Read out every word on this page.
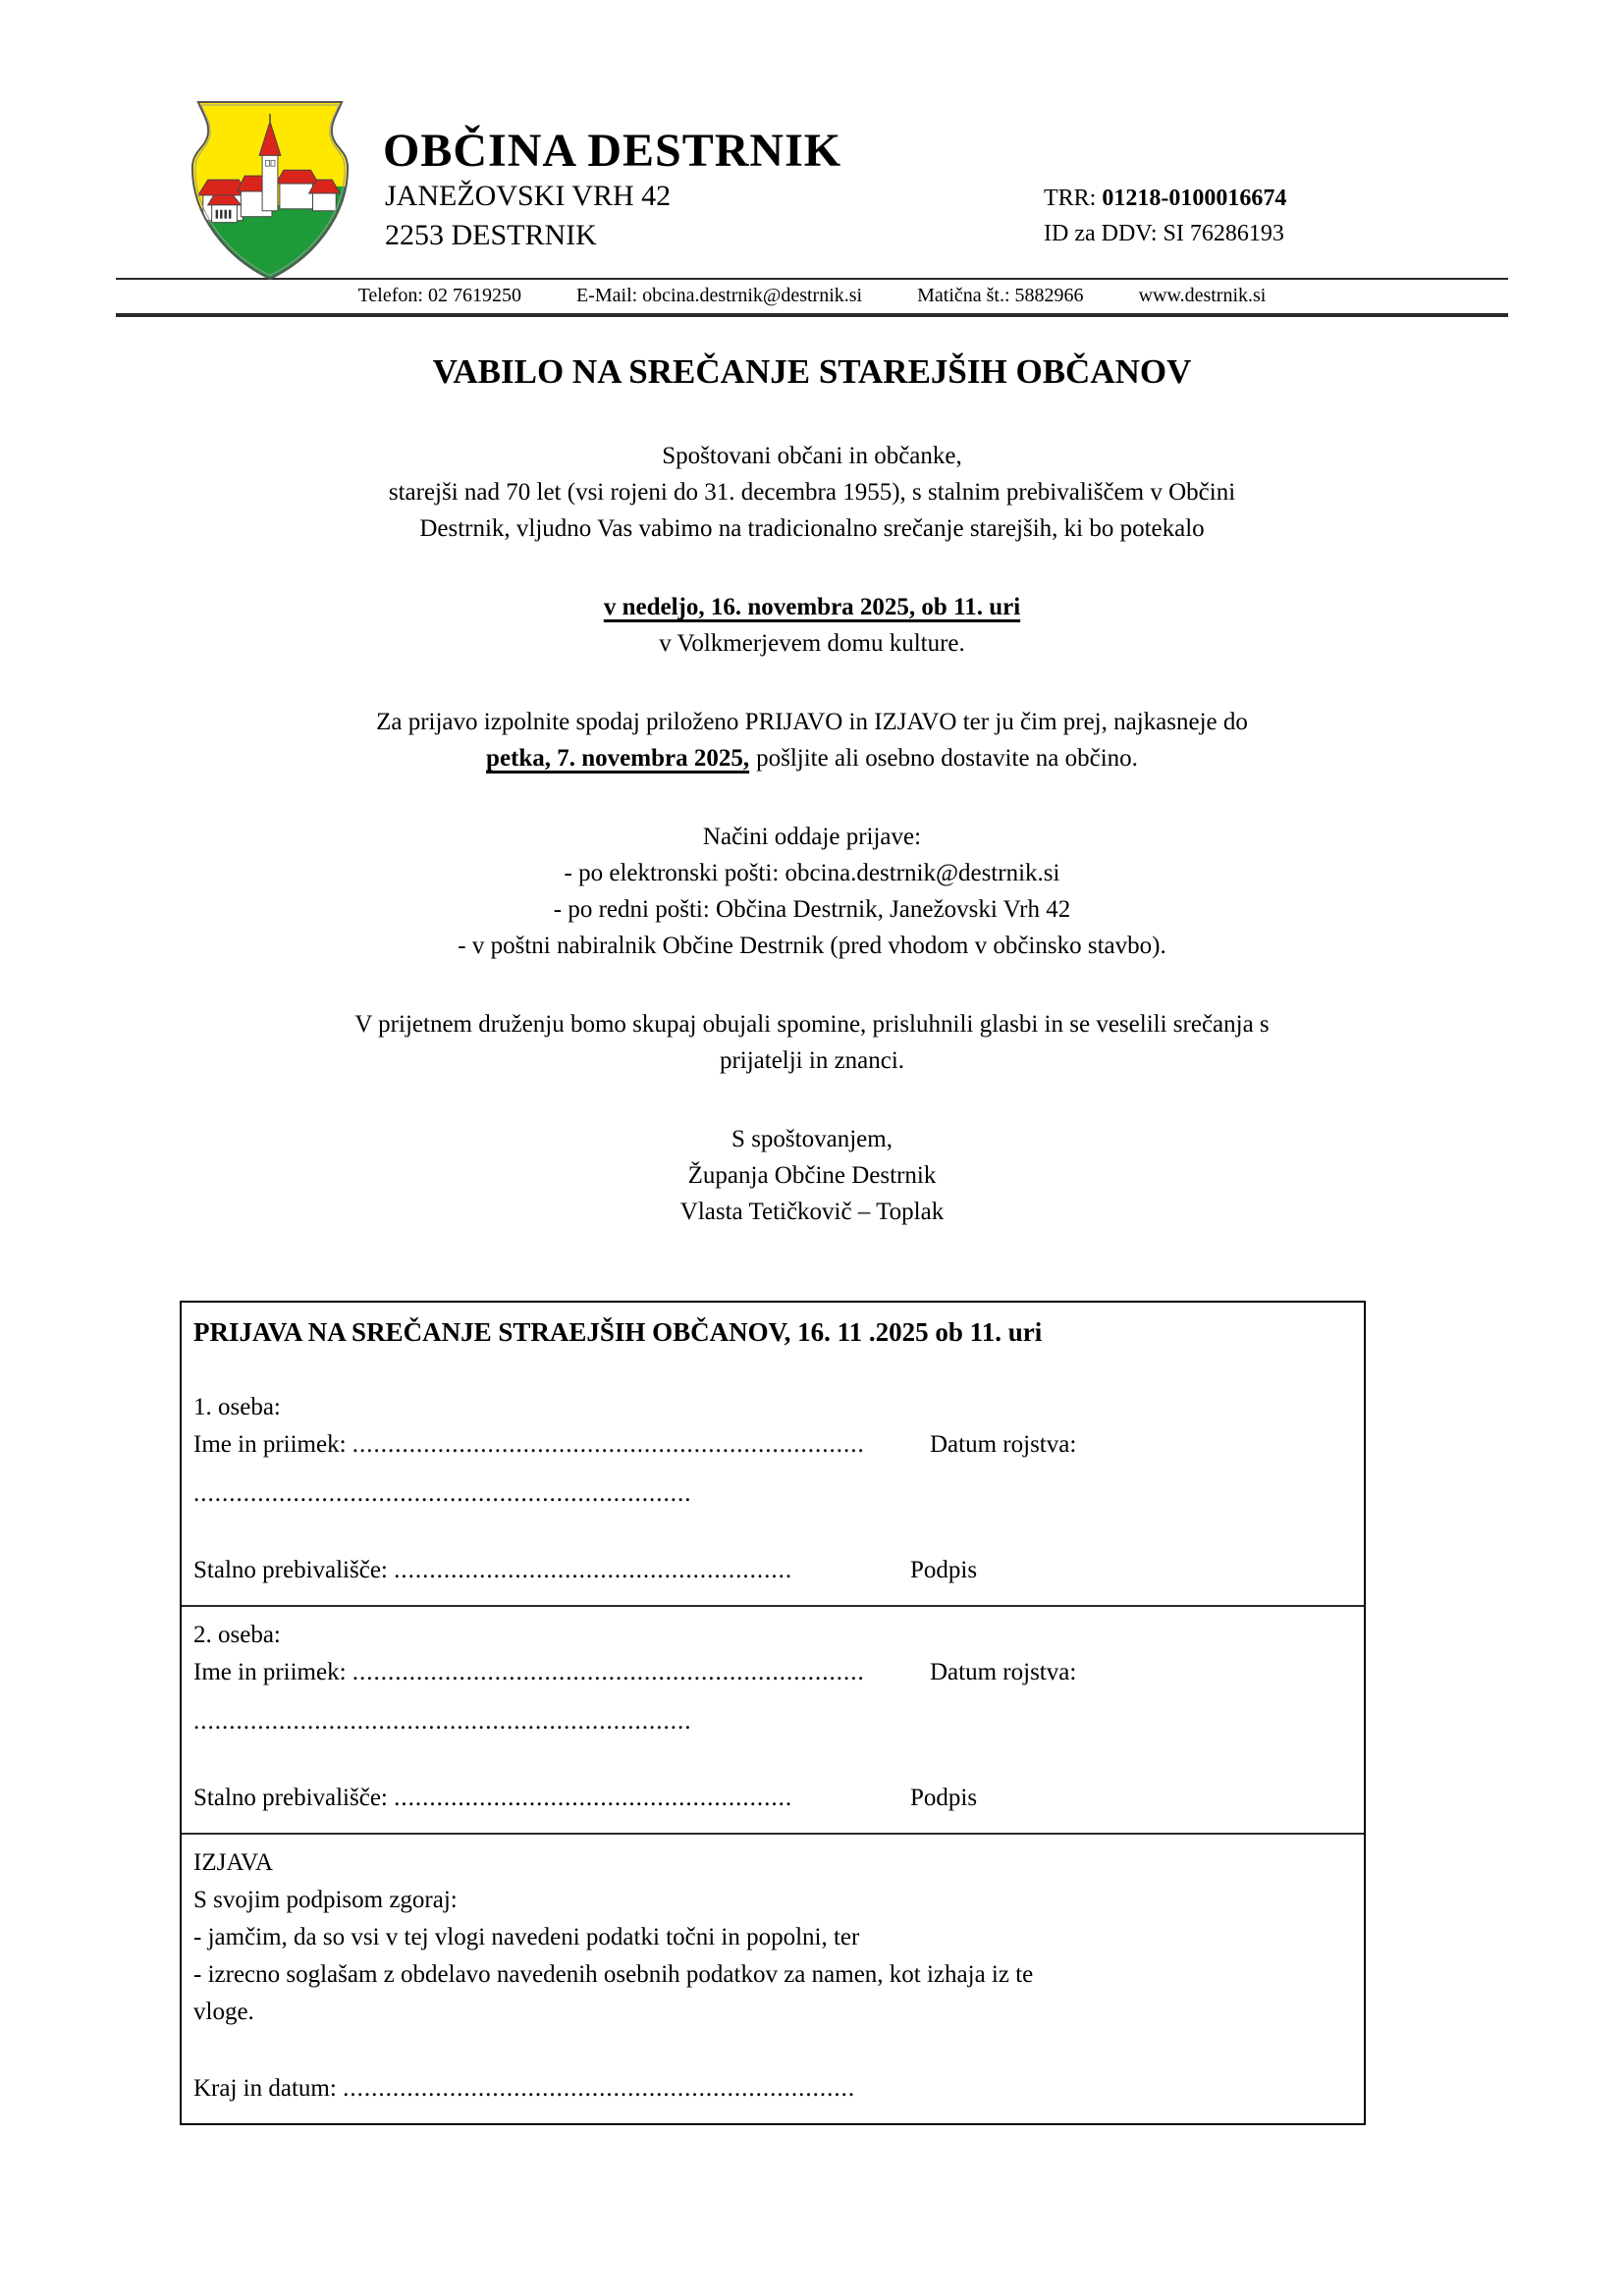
OBČINA DESTRNIK
JANEŽOVSKI VRH 42
2253 DESTRNIK
TRR: 01218-0100016674
ID za DDV: SI 76286193
Telefon: 02 7619250	E-Mail: obcina.destrnik@destrnik.si	Matična št.: 5882966	www.destrnik.si
VABILO NA SREČANJE STAREJŠIH OBČANOV
Spoštovani občani in občanke,
starejši nad 70 let (vsi rojeni do 31. decembra 1955), s stalnim prebivališčem v Občini
Destrnik, vljudno Vas vabimo na tradicionalno srečanje starejših, ki bo potekalo
v nedeljo, 16. novembra 2025, ob 11. uri
v Volkmerjevem domu kulture.
Za prijavo izpolnite spodaj priloženo PRIJAVO in IZJAVO ter ju čim prej, najkasneje do
petka, 7. novembra 2025, pošljite ali osebno dostavite na občino.
Načini oddaje prijave:
- po elektronski pošti: obcina.destrnik@destrnik.si
- po redni pošti: Občina Destrnik, Janežovski Vrh 42
- v poštni nabiralnik Občine Destrnik (pred vhodom v občinsko stavbo).
V prijetnem druženju bomo skupaj obujali spomine, prisluhnili glasbi in se veselili srečanja s
prijatelji in znanci.
S spoštovanjem,
Županja Občine Destrnik
Vlasta Tetičkovič – Toplak
PRIJAVA NA SREČANJE STRAEJŠIH OBČANOV, 16. 11 .2025 ob 11. uri
1. oseba:
Ime in priimek: ........................................................................	Datum rojstva:
......................................................................
Stalno prebivališče: ........................................................	Podpis
2. oseba:
Ime in priimek: ........................................................................	Datum rojstva:
......................................................................
Stalno prebivališče: ........................................................	Podpis
IZJAVA
S svojim podpisom zgoraj:
- jamčim, da so vsi v tej vlogi navedeni podatki točni in popolni, ter
- izrecno soglašam z obdelavo navedenih osebnih podatkov za namen, kot izhaja iz te
vloge.
Kraj in datum: ........................................................................
